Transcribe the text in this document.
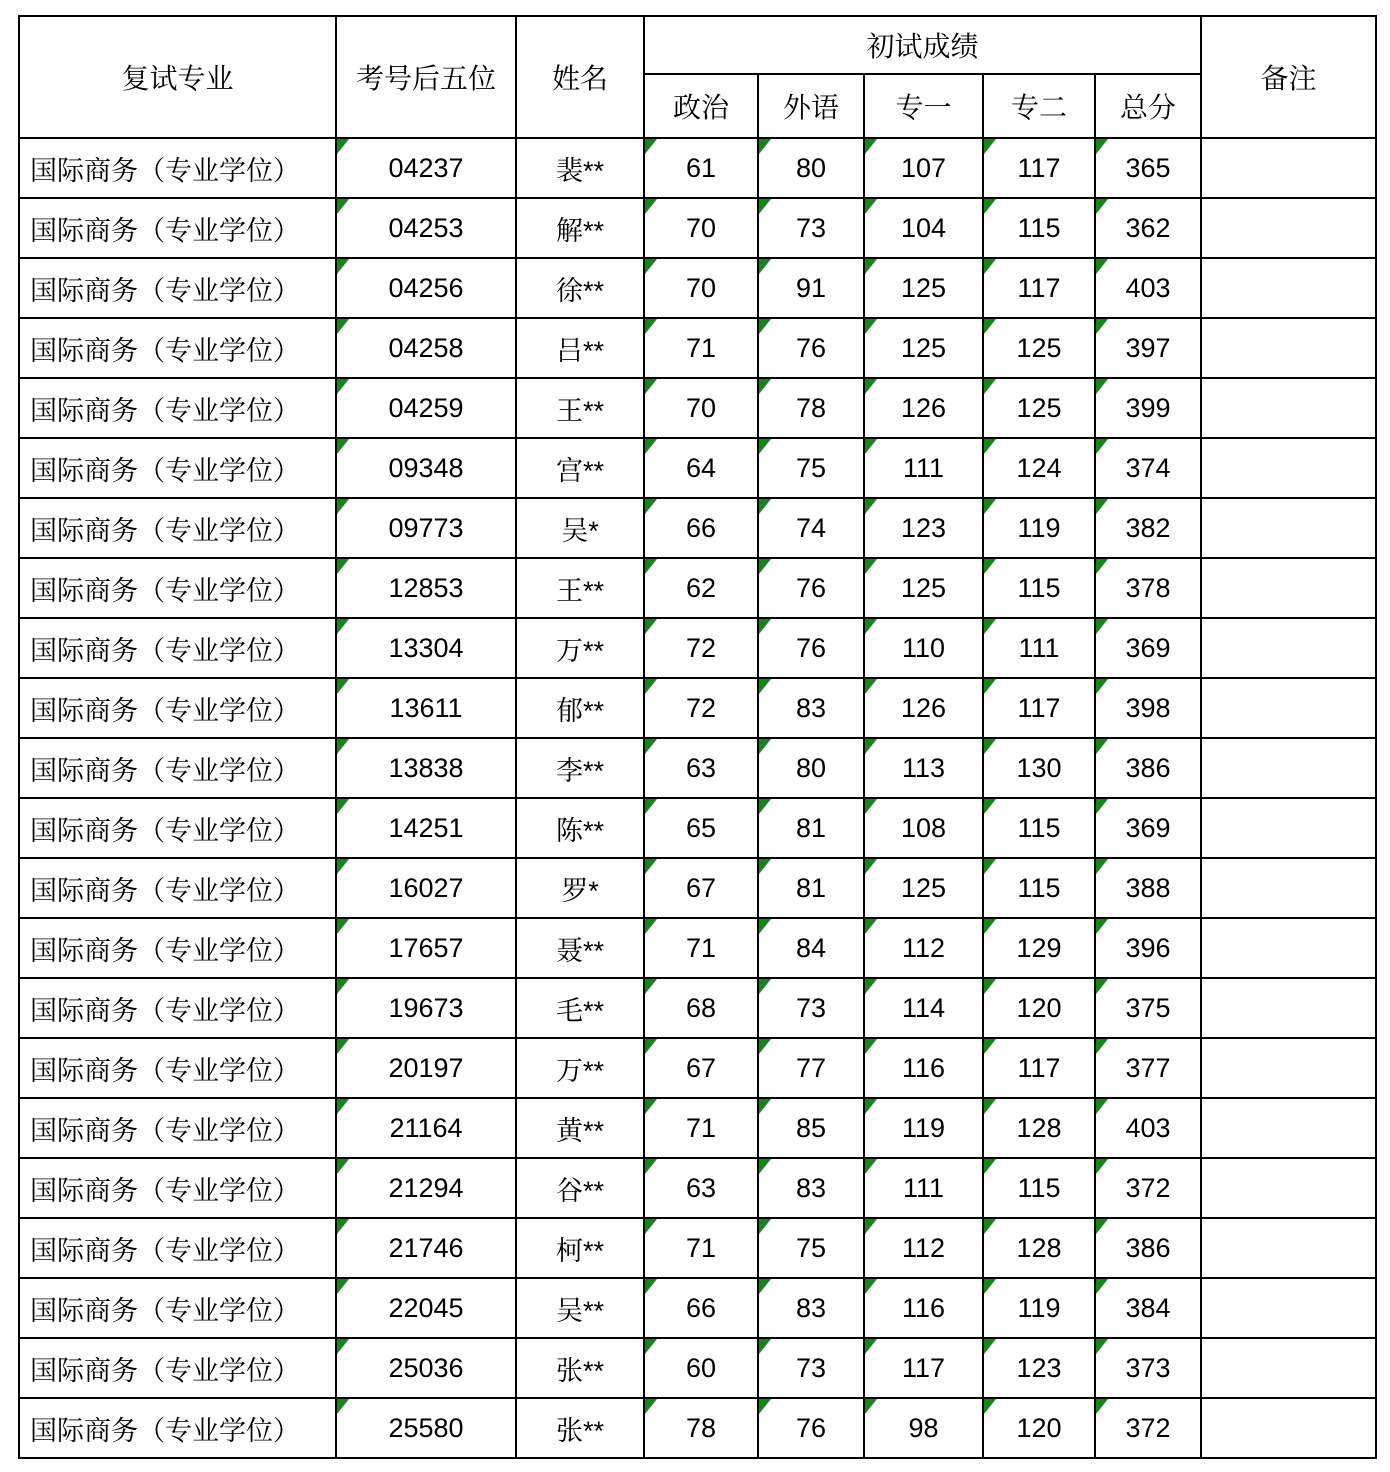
复试专业	考号后五位	姓名	初试成绩					备注
			政治	外语	专一	专二	总分	
国际商务（专业学位）	04237	裴**	61	80	107	117	365	
国际商务（专业学位）	04253	解**	70	73	104	115	362	
国际商务（专业学位）	04256	徐**	70	91	125	117	403	
国际商务（专业学位）	04258	吕**	71	76	125	125	397	
国际商务（专业学位）	04259	王**	70	78	126	125	399	
国际商务（专业学位）	09348	宫**	64	75	111	124	374	
国际商务（专业学位）	09773	吴*	66	74	123	119	382	
国际商务（专业学位）	12853	王**	62	76	125	115	378	
国际商务（专业学位）	13304	万**	72	76	110	111	369	
国际商务（专业学位）	13611	郁**	72	83	126	117	398	
国际商务（专业学位）	13838	李**	63	80	113	130	386	
国际商务（专业学位）	14251	陈**	65	81	108	115	369	
国际商务（专业学位）	16027	罗*	67	81	125	115	388	
国际商务（专业学位）	17657	聂**	71	84	112	129	396	
国际商务（专业学位）	19673	毛**	68	73	114	120	375	
国际商务（专业学位）	20197	万**	67	77	116	117	377	
国际商务（专业学位）	21164	黄**	71	85	119	128	403	
国际商务（专业学位）	21294	谷**	63	83	111	115	372	
国际商务（专业学位）	21746	柯**	71	75	112	128	386	
国际商务（专业学位）	22045	吴**	66	83	116	119	384	
国际商务（专业学位）	25036	张**	60	73	117	123	373	
国际商务（专业学位）	25580	张**	78	76	98	120	372	
